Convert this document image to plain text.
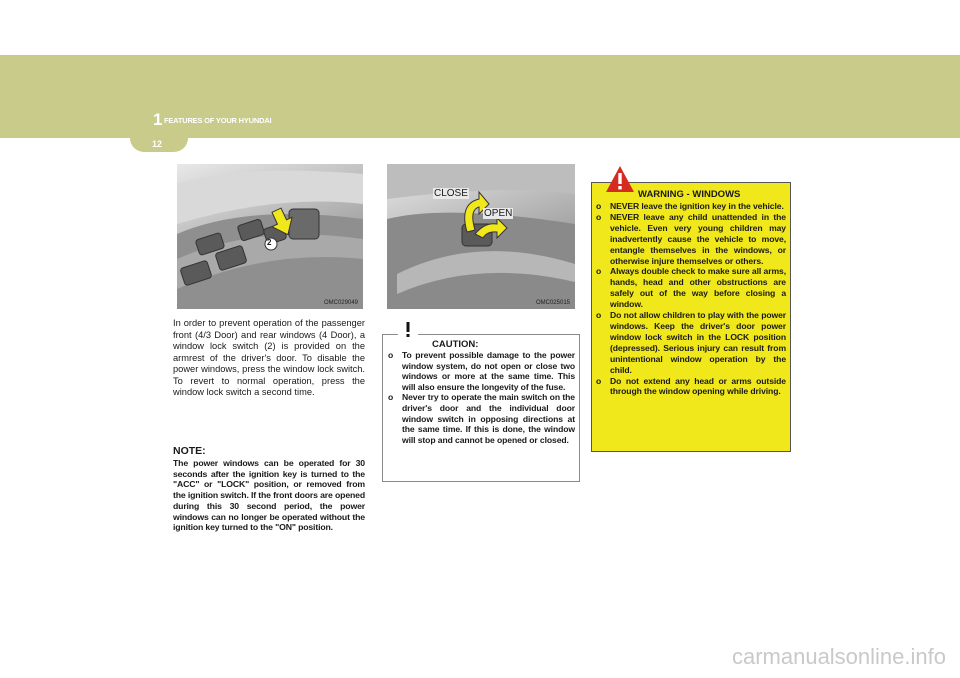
1 FEATURES OF YOUR HYUNDAI
12
2
OMC029049
CLOSE
OPEN
OMC025015
In order to prevent operation of the passenger front (4/3 Door) and rear windows (4 Door), a window lock switch (2) is provided on the armrest of the driver's door. To disable the power windows, press the window lock switch. To revert to normal operation, press the window lock switch a second time.
NOTE:
The power windows can be operated for 30 seconds after the ignition key is turned to the "ACC" or "LOCK" position, or removed from the ignition switch. If the front doors are opened during this 30 second period, the power windows can no longer be operated without the ignition key turned to the "ON" position.
CAUTION:
o To prevent possible damage to the power window system, do not open or close two windows or more at the same time. This will also ensure the longevity of the fuse.
o Never try to operate the main switch on the driver's door and the individual door window switch in opposing directions at the same time. If this is done, the window will stop and cannot be opened or closed.
WARNING - WINDOWS
o NEVER leave the ignition key in the vehicle.
o NEVER leave any child unattended in the vehicle. Even very young children may inadvertently cause the vehicle to move, entangle themselves in the windows, or otherwise injure themselves or others.
o Always double check to make sure all arms, hands, head and other obstructions are safely out of the way before closing a window.
o Do not allow children to play with the power windows. Keep the driver's door power window lock switch in the LOCK position (depressed). Serious injury can result from unintentional window operation by the child.
o Do not extend any head or arms outside through the window opening while driving.
carmanualsonline.info
